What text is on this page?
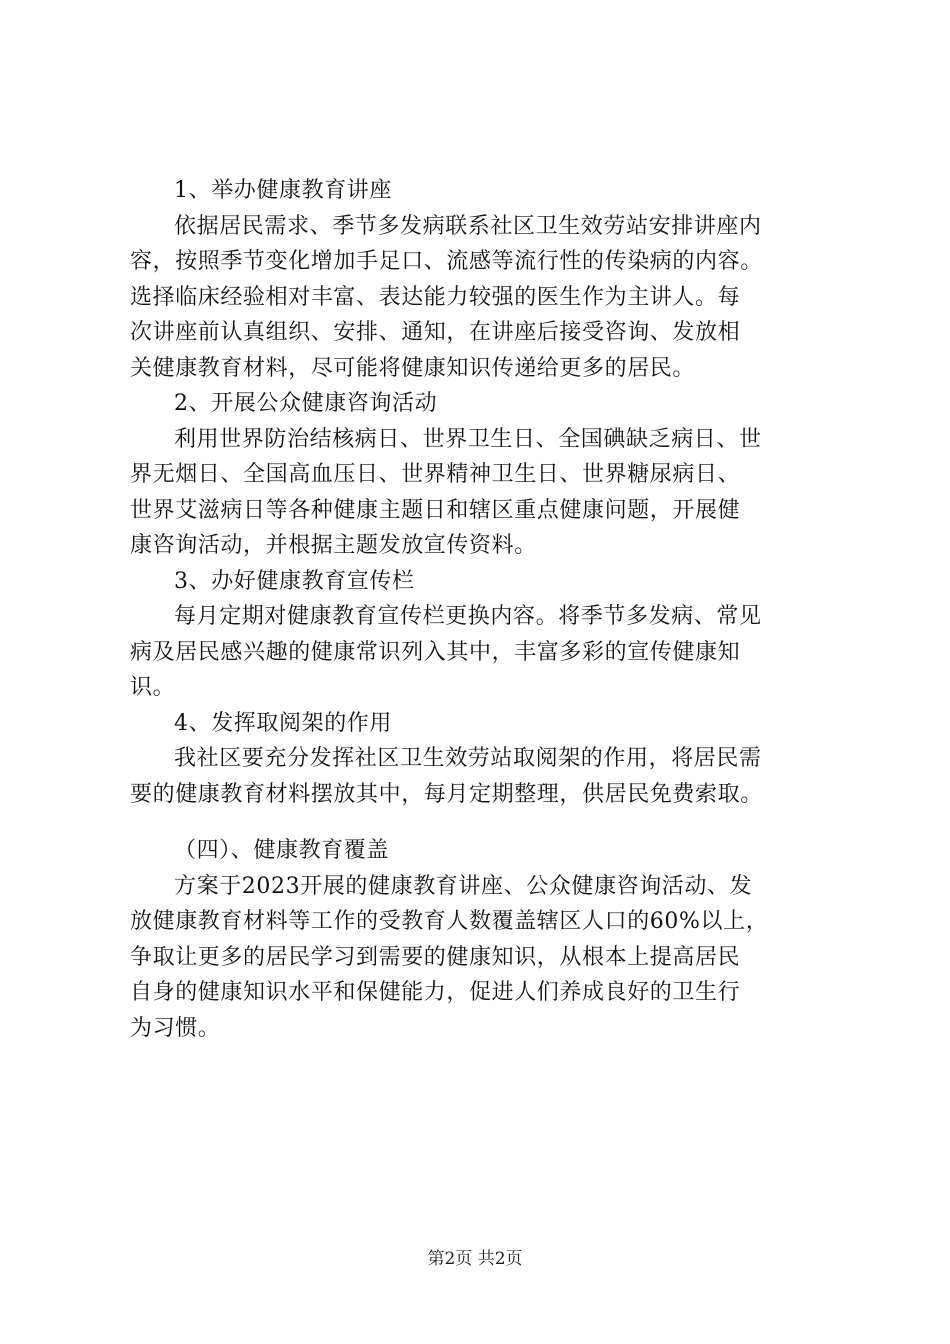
1、举办健康教育讲座
依据居民需求、季节多发病联系社区卫生效劳站安排讲座内
容，按照季节变化增加手足口、流感等流行性的传染病的内容。
选择临床经验相对丰富、表达能力较强的医生作为主讲人。每
次讲座前认真组织、安排、通知，在讲座后接受咨询、发放相
关健康教育材料，尽可能将健康知识传递给更多的居民。
2、开展公众健康咨询活动
利用世界防治结核病日、世界卫生日、全国碘缺乏病日、世
界无烟日、全国高血压日、世界精神卫生日、世界糖尿病日、
世界艾滋病日等各种健康主题日和辖区重点健康问题，开展健
康咨询活动，并根据主题发放宣传资料。
3、办好健康教育宣传栏
每月定期对健康教育宣传栏更换内容。将季节多发病、常见
病及居民感兴趣的健康常识列入其中，丰富多彩的宣传健康知
识。
4、发挥取阅架的作用
我社区要充分发挥社区卫生效劳站取阅架的作用，将居民需
要的健康教育材料摆放其中，每月定期整理，供居民免费索取。
（四）、健康教育覆盖
方案于2023开展的健康教育讲座、公众健康咨询活动、发
放健康教育材料等工作的受教育人数覆盖辖区人口的60%以上，
争取让更多的居民学习到需要的健康知识，从根本上提高居民
自身的健康知识水平和保健能力，促进人们养成良好的卫生行
为习惯。
第2页 共2页
